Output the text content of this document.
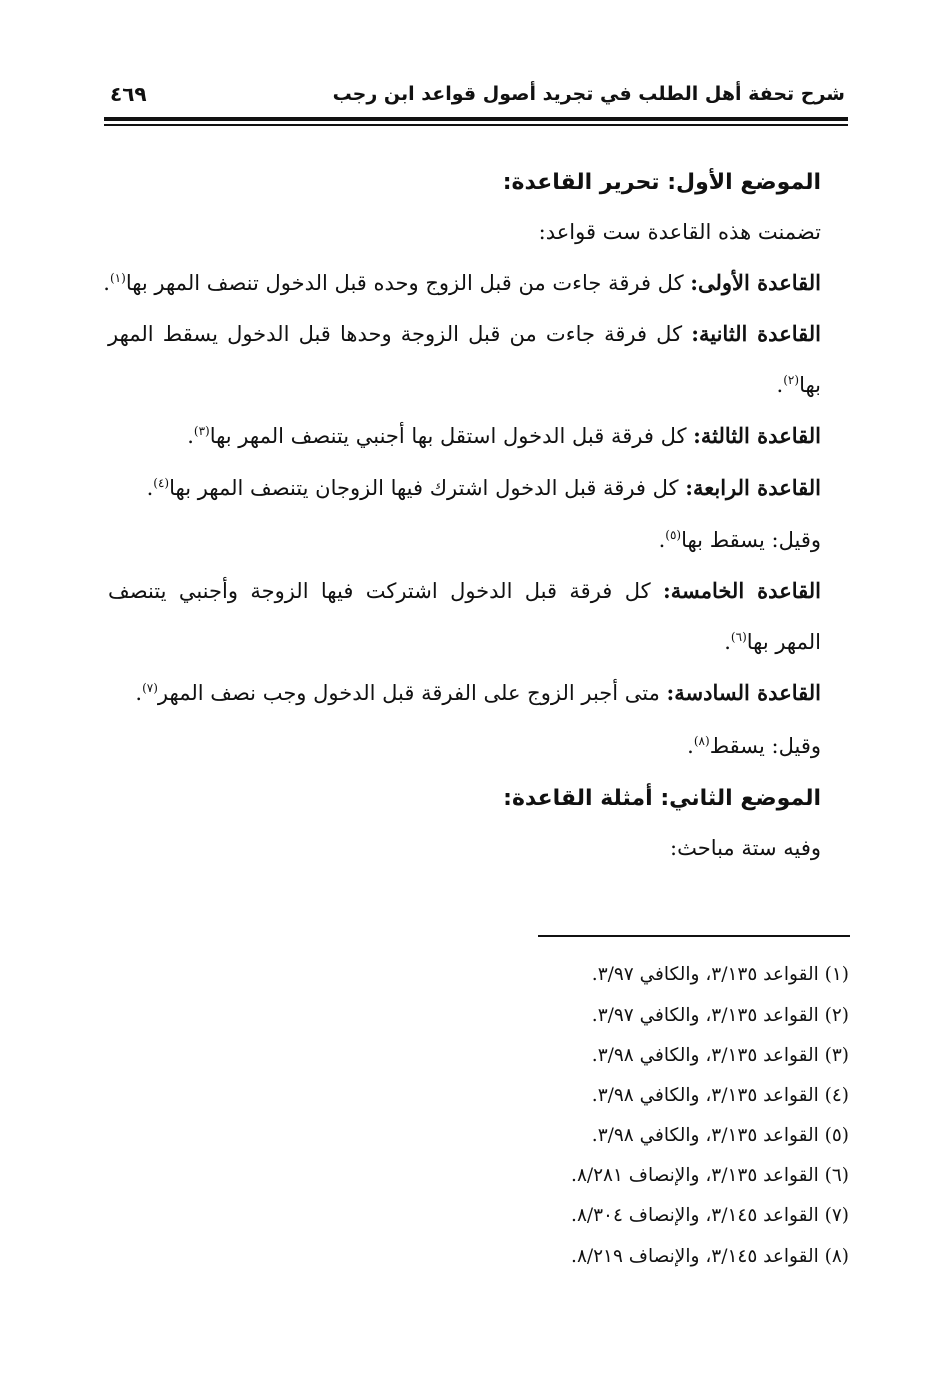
شرح تحفة أهل الطلب في تجريد أصول قواعد ابن رجب
٤٦٩
الموضع الأول: تحرير القاعدة:
تضمنت هذه القاعدة ست قواعد:
القاعدة الأولى: كل فرقة جاءت من قبل الزوج وحده قبل الدخول تنصف المهر بها$^{(١)}$.
القاعدة الثانية: كل فرقة جاءت من قبل الزوجة وحدها قبل الدخول يسقط المهر
بها$^{(٢)}$.
القاعدة الثالثة: كل فرقة قبل الدخول استقل بها أجنبي يتنصف المهر بها$^{(٣)}$.
القاعدة الرابعة: كل فرقة قبل الدخول اشترك فيها الزوجان يتنصف المهر بها$^{(٤)}$.
وقيل: يسقط بها$^{(٥)}$.
القاعدة الخامسة: كل فرقة قبل الدخول اشتركت فيها الزوجة وأجنبي يتنصف
المهر بها$^{(٦)}$.
القاعدة السادسة: متى أجبر الزوج على الفرقة قبل الدخول وجب نصف المهر$^{(٧)}$.
وقيل: يسقط$^{(٨)}$.
الموضع الثاني: أمثلة القاعدة:
وفيه ستة مباحث:
(١) القواعد ٣/١٣٥، والكافي ٣/٩٧.
(٢) القواعد ٣/١٣٥، والكافي ٣/٩٧.
(٣) القواعد ٣/١٣٥، والكافي ٣/٩٨.
(٤) القواعد ٣/١٣٥، والكافي ٣/٩٨.
(٥) القواعد ٣/١٣٥، والكافي ٣/٩٨.
(٦) القواعد ٣/١٣٥، والإنصاف ٨/٢٨١.
(٧) القواعد ٣/١٤٥، والإنصاف ٨/٣٠٤.
(٨) القواعد ٣/١٤٥، والإنصاف ٨/٢١٩.
